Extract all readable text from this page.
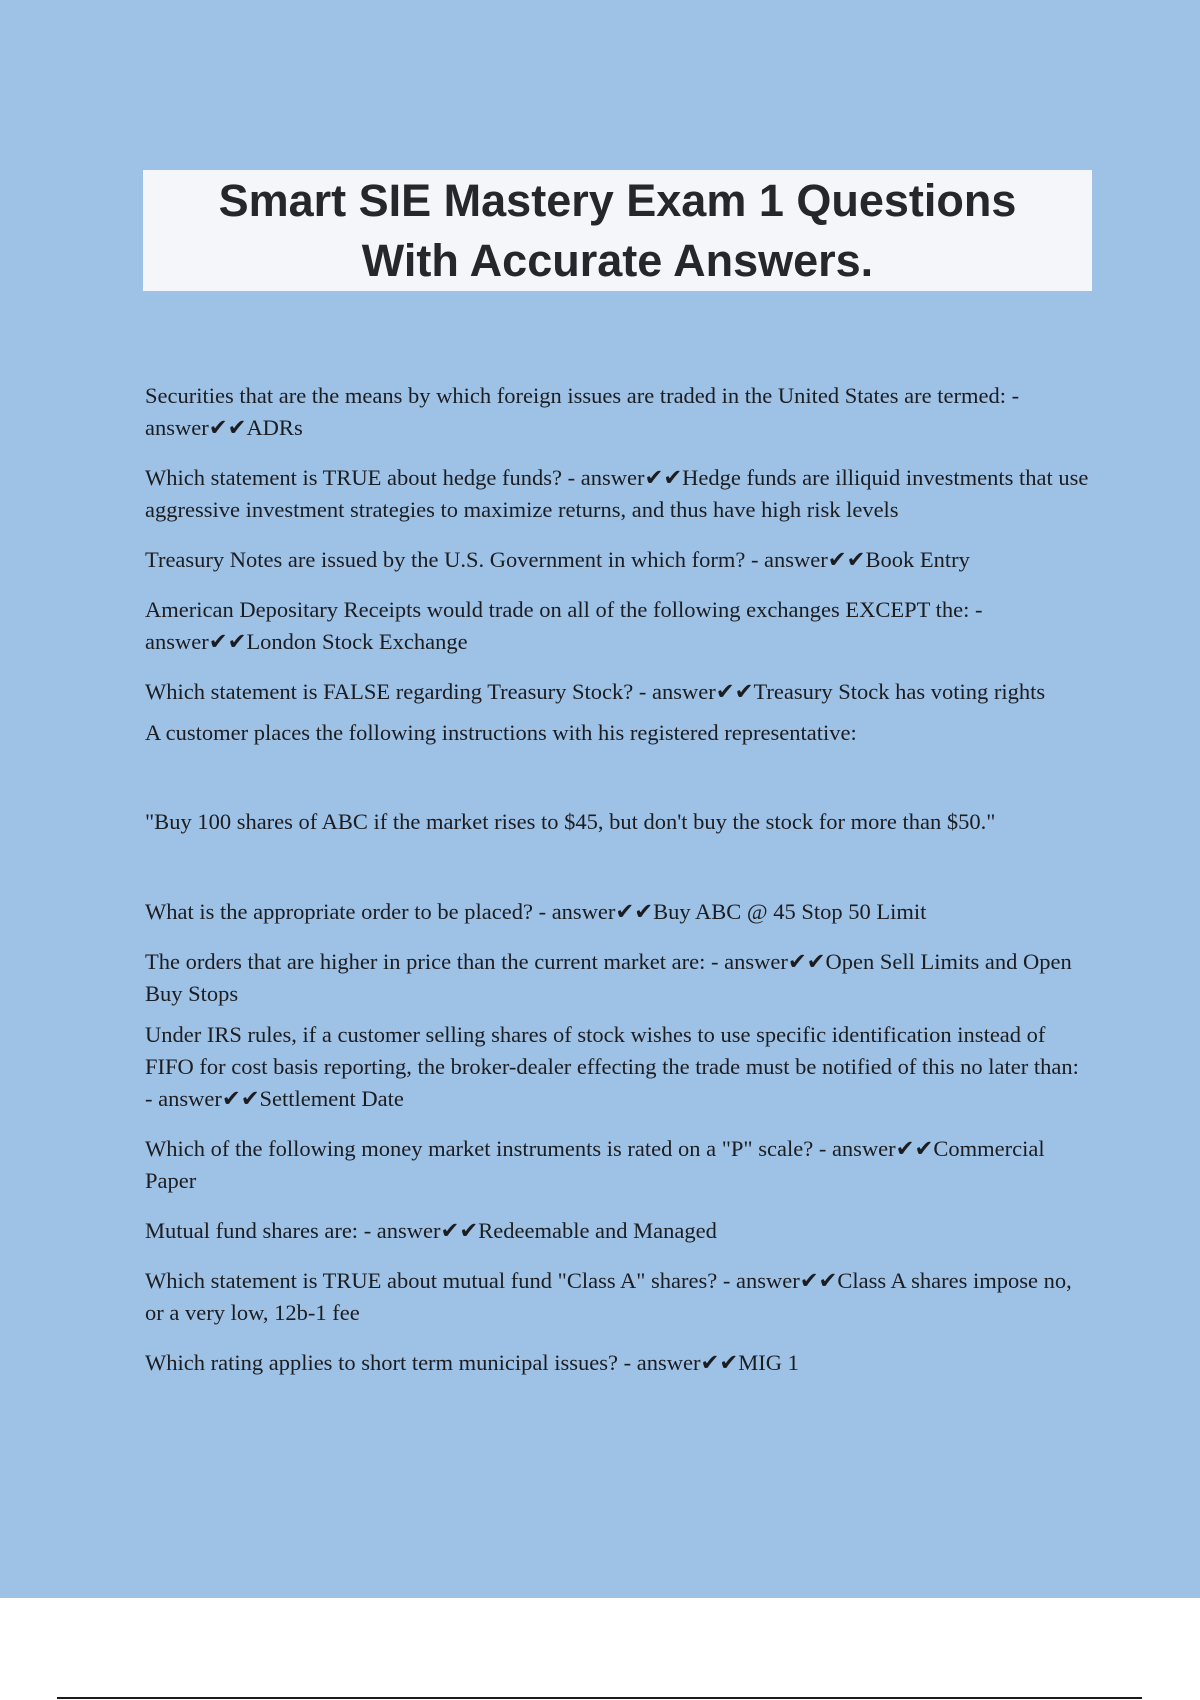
Smart SIE Mastery Exam 1 Questions
With Accurate Answers.

Securities that are the means by which foreign issues are traded in the United States are termed: - answer✔✔ADRs

Which statement is TRUE about hedge funds? - answer✔✔Hedge funds are illiquid investments that use aggressive investment strategies to maximize returns, and thus have high risk levels

Treasury Notes are issued by the U.S. Government in which form? - answer✔✔Book Entry

American Depositary Receipts would trade on all of the following exchanges EXCEPT the: - answer✔✔London Stock Exchange

Which statement is FALSE regarding Treasury Stock? - answer✔✔Treasury Stock has voting rights

A customer places the following instructions with his registered representative:

"Buy 100 shares of ABC if the market rises to $45, but don't buy the stock for more than $50."

What is the appropriate order to be placed? - answer✔✔Buy ABC @ 45 Stop 50 Limit

The orders that are higher in price than the current market are: - answer✔✔Open Sell Limits and Open Buy Stops

Under IRS rules, if a customer selling shares of stock wishes to use specific identification instead of FIFO for cost basis reporting, the broker-dealer effecting the trade must be notified of this no later than: - answer✔✔Settlement Date

Which of the following money market instruments is rated on a "P" scale? - answer✔✔Commercial Paper

Mutual fund shares are: - answer✔✔Redeemable and Managed

Which statement is TRUE about mutual fund "Class A" shares? - answer✔✔Class A shares impose no, or a very low, 12b-1 fee

Which rating applies to short term municipal issues? - answer✔✔MIG 1
